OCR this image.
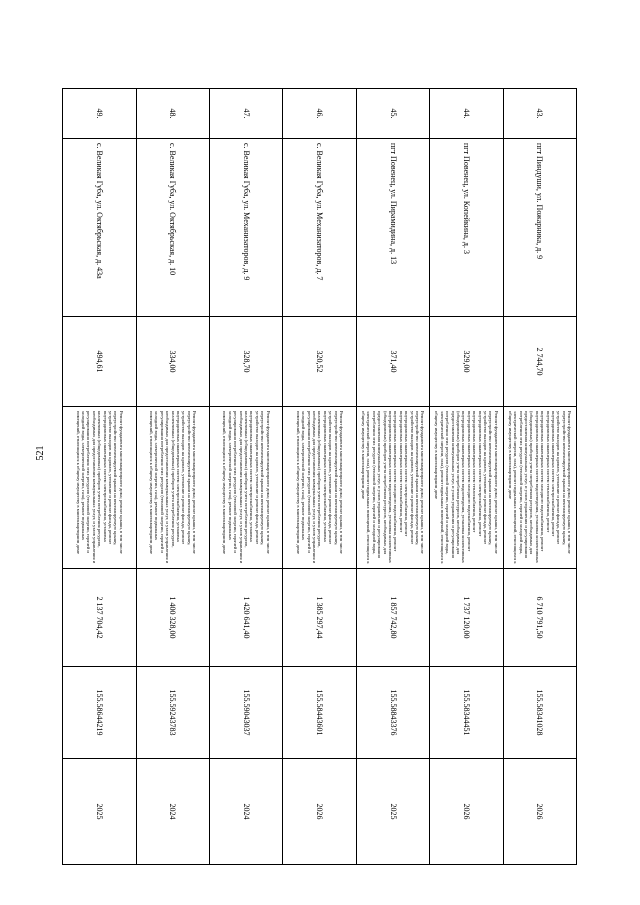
521
43.	пгт Пиндуши, ул. Пожарника, д. 9	2 744,70	Ремонт фундамента многоквартирного дома; ремонт крыши, в том числе переустройство невентилируемой крыши на вентилируемую крышу, устройство выходов на кровлю, утепление и ремонт фасада, ремонт внутридомовых инженерных систем электроснабжения, ремонт внутридомовых инженерных систем теплоснабжения, ремонт внутридомовых инженерных систем холодного водоснабжения, ремонт внутридомовых инженерных систем водоотведения, установка коллективных (общедомовых) приборов учета потребления ресурсов, необходимых для предоставления коммунальных услуг, и узлов управления и регулирования потребления этих ресурсов (тепловой энергии, горячей и холодной воды, электрической энергии, газа), ремонт подвальных помещений, относящихся к общему имуществу в многоквартирном доме	6 710 791,50	155.58341028	2026
44.	пгт Повенец, ул. Копейкина, д. 3	329,00	Ремонт фундамента многоквартирного дома; ремонт крыши, в том числе переустройство невентилируемой крыши на вентилируемую крышу, устройство выходов на кровлю, утепление и ремонт фасада, ремонт внутридомовых инженерных систем электроснабжения, ремонт внутридомовых инженерных систем теплоснабжения, ремонт внутридомовых инженерных систем холодного водоснабжения, ремонт внутридомовых инженерных систем водоотведения, установка коллективных (общедомовых) приборов учета потребления ресурсов, необходимых для предоставления коммунальных услуг, и узлов управления и регулирования потребления этих ресурсов (тепловой энергии, горячей и холодной воды, электрической энергии, газа), ремонт подвальных помещений, относящихся к общему имуществу в многоквартирном доме	1 737 120,00	155.58344451	2026
45.	пгт Повенец, ул. Пирамидина, д. 13	371,40	Ремонт фундамента многоквартирного дома; ремонт крыши, в том числе переустройство невентилируемой крыши на вентилируемую крышу, устройство выходов на кровлю, утепление и ремонт фасада, ремонт внутридомовых инженерных систем электроснабжения, ремонт внутридомовых инженерных систем теплоснабжения, ремонт внутридомовых инженерных систем холодного водоснабжения, ремонт внутридомовых инженерных систем водоотведения, установка коллективных (общедомовых) приборов учета потребления ресурсов, необходимых для предоставления коммунальных услуг, и узлов управления и регулирования потребления этих ресурсов (тепловой энергии, горячей и холодной воды, электрической энергии, газа), ремонт подвальных помещений, относящихся к общему имуществу в многоквартирном доме	1 857 742,80	155.58843376	2025
46.	с. Великая Губа, ул. Механизаторов, д. 7	320,52	Ремонт фундамента многоквартирного дома; ремонт крыши, в том числе переустройство невентилируемой крыши на вентилируемую крышу, устройство выходов на кровлю, утепление и ремонт фасада, ремонт внутридомовых инженерных систем электроснабжения, установка коллективных (общедомовых) приборов учета потребления ресурсов, необходимых для предоставления коммунальных услуг, и узлов управления и регулирования потребления этих ресурсов (тепловой энергии, горячей и холодной воды, электрической энергии, газа), ремонт подвальных помещений, относящихся к общему имуществу в многоквартирном доме	1 385 297,44	155.58443601	2026
47.	с. Великая Губа, ул. Механизаторов, д. 9	328,70	Ремонт фундамента многоквартирного дома; ремонт крыши, в том числе переустройство невентилируемой крыши на вентилируемую крышу, устройство выходов на кровлю, утепление и ремонт фасада, ремонт внутридомовых инженерных систем электроснабжения, установка коллективных (общедомовых) приборов учета потребления ресурсов, необходимых для предоставления коммунальных услуг, и узлов управления и регулирования потребления этих ресурсов (тепловой энергии, горячей и холодной воды, электрической энергии, газа), ремонт подвальных помещений, относящихся к общему имуществу в многоквартирном доме	1 420 641,40	155.59043037	2024
48.	с. Великая Губа, ул. Октябрьская, д. 10	334,00	Ремонт фундамента многоквартирного дома; ремонт крыши, в том числе переустройство невентилируемой крыши на вентилируемую крышу, устройство выходов на кровлю, утепление и ремонт фасада, ремонт внутридомовых инженерных систем электроснабжения, установка коллективных (общедомовых) приборов учета потребления ресурсов, необходимых для предоставления коммунальных услуг, и узлов управления и регулирования потребления этих ресурсов (тепловой энергии, горячей и холодной воды, электрической энергии, газа), ремонт подвальных помещений, относящихся к общему имуществу в многоквартирном доме	1 400 328,00	155.59243783	2024
49.	с. Великая Губа, ул. Октябрьская, д. 43а	494,61	Ремонт фундамента многоквартирного дома; ремонт крыши, в том числе переустройство невентилируемой крыши на вентилируемую крышу, устройство выходов на кровлю, утепление и ремонт фасада, ремонт внутридомовых инженерных систем электроснабжения, установка коллективных (общедомовых) приборов учета потребления ресурсов, необходимых для предоставления коммунальных услуг, и узлов управления и регулирования потребления этих ресурсов (тепловой энергии, горячей и холодной воды, электрической энергии, газа), ремонт подвальных помещений, относящихся к общему имуществу в многоквартирном доме	2 137 704,42	155.58644219	2025
